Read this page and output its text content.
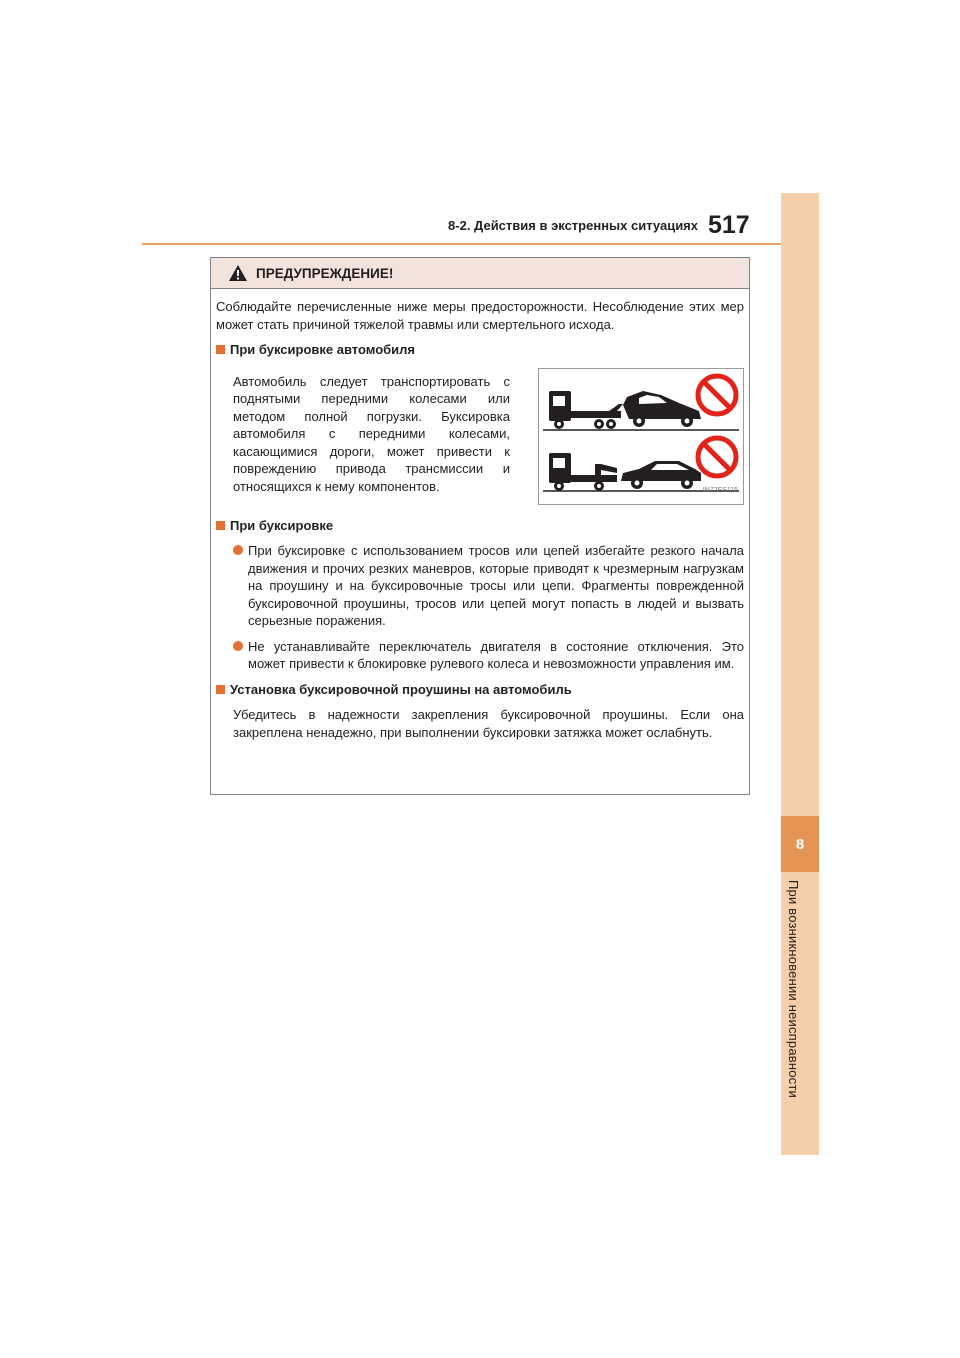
8-2. Действия в экстренных ситуациях 517
8
При возникновении неисправности
ПРЕДУПРЕЖДЕНИЕ!
Соблюдайте перечисленные ниже меры предосторожности. Несоблюдение этих мер может стать причиной тяжелой травмы или смертельного исхода.
При буксировке автомобиля
Автомобиль следует транспортировать с поднятыми передними колесами или методом полной погрузки. Буксировка автомобиля с передними колесами, касающимися дороги, может привести к повреждению привода трансмиссии и относящихся к нему компонентов.	IN72ES115
При буксировке
При буксировке с использованием тросов или цепей избегайте резкого начала движения и прочих резких маневров, которые приводят к чрезмерным нагрузкам на проушину и на буксировочные тросы или цепи. Фрагменты поврежденной буксировочной проушины, тросов или цепей могут попасть в людей и вызвать серьезные поражения.
Не устанавливайте переключатель двигателя в состояние отключения. Это может привести к блокировке рулевого колеса и невозможности управления им.
Установка буксировочной проушины на автомобиль
Убедитесь в надежности закрепления буксировочной проушины. Если она закреплена ненадежно, при выполнении буксировки затяжка может ослабнуть.
